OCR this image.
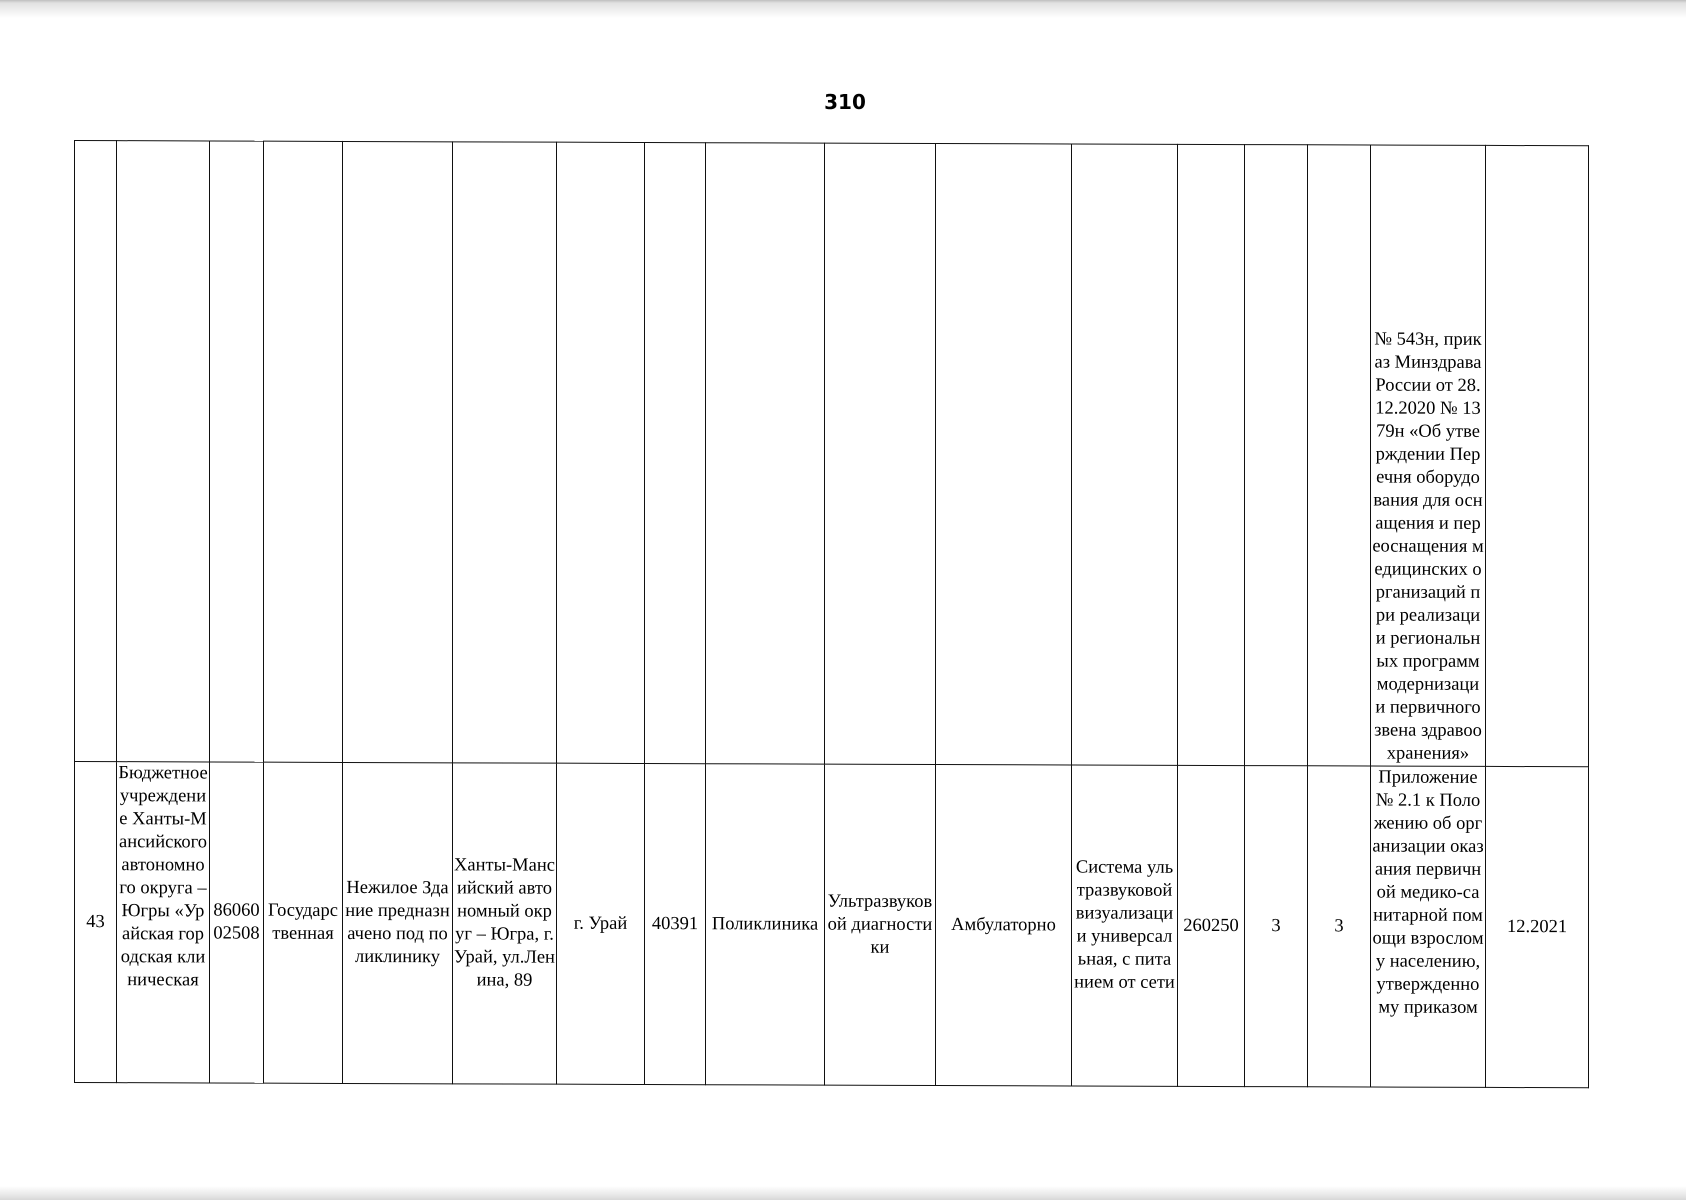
310
															№ 543н, приказ Минздрава России от 28.12.2020 № 1379н «Об утверждении Перечня оборудования для оснащения и переоснащения медицинских организаций при реализации региональных программ модернизации первичного звена здравоохранения»	
43	Бюджетное учреждение Ханты-Мансийского автономного округа – Югры «Урайская городская клиническая	8606002508	Государственная	Нежилое Здание предназначено под поликлинику	Ханты-Мансийский автономный округ – Югра, г. Урай, ул.Ленина, 89	г. Урай	40391	Поликлиника	Ультразвуковой диагностики	Амбулаторно	Система ультразвуковой визуализации универсальная, с питанием от сети	260250	3	3	Приложение № 2.1 к Положению об организации оказания первичной медико-санитарной помощи взрослому населению, утвержденному приказом	12.2021
